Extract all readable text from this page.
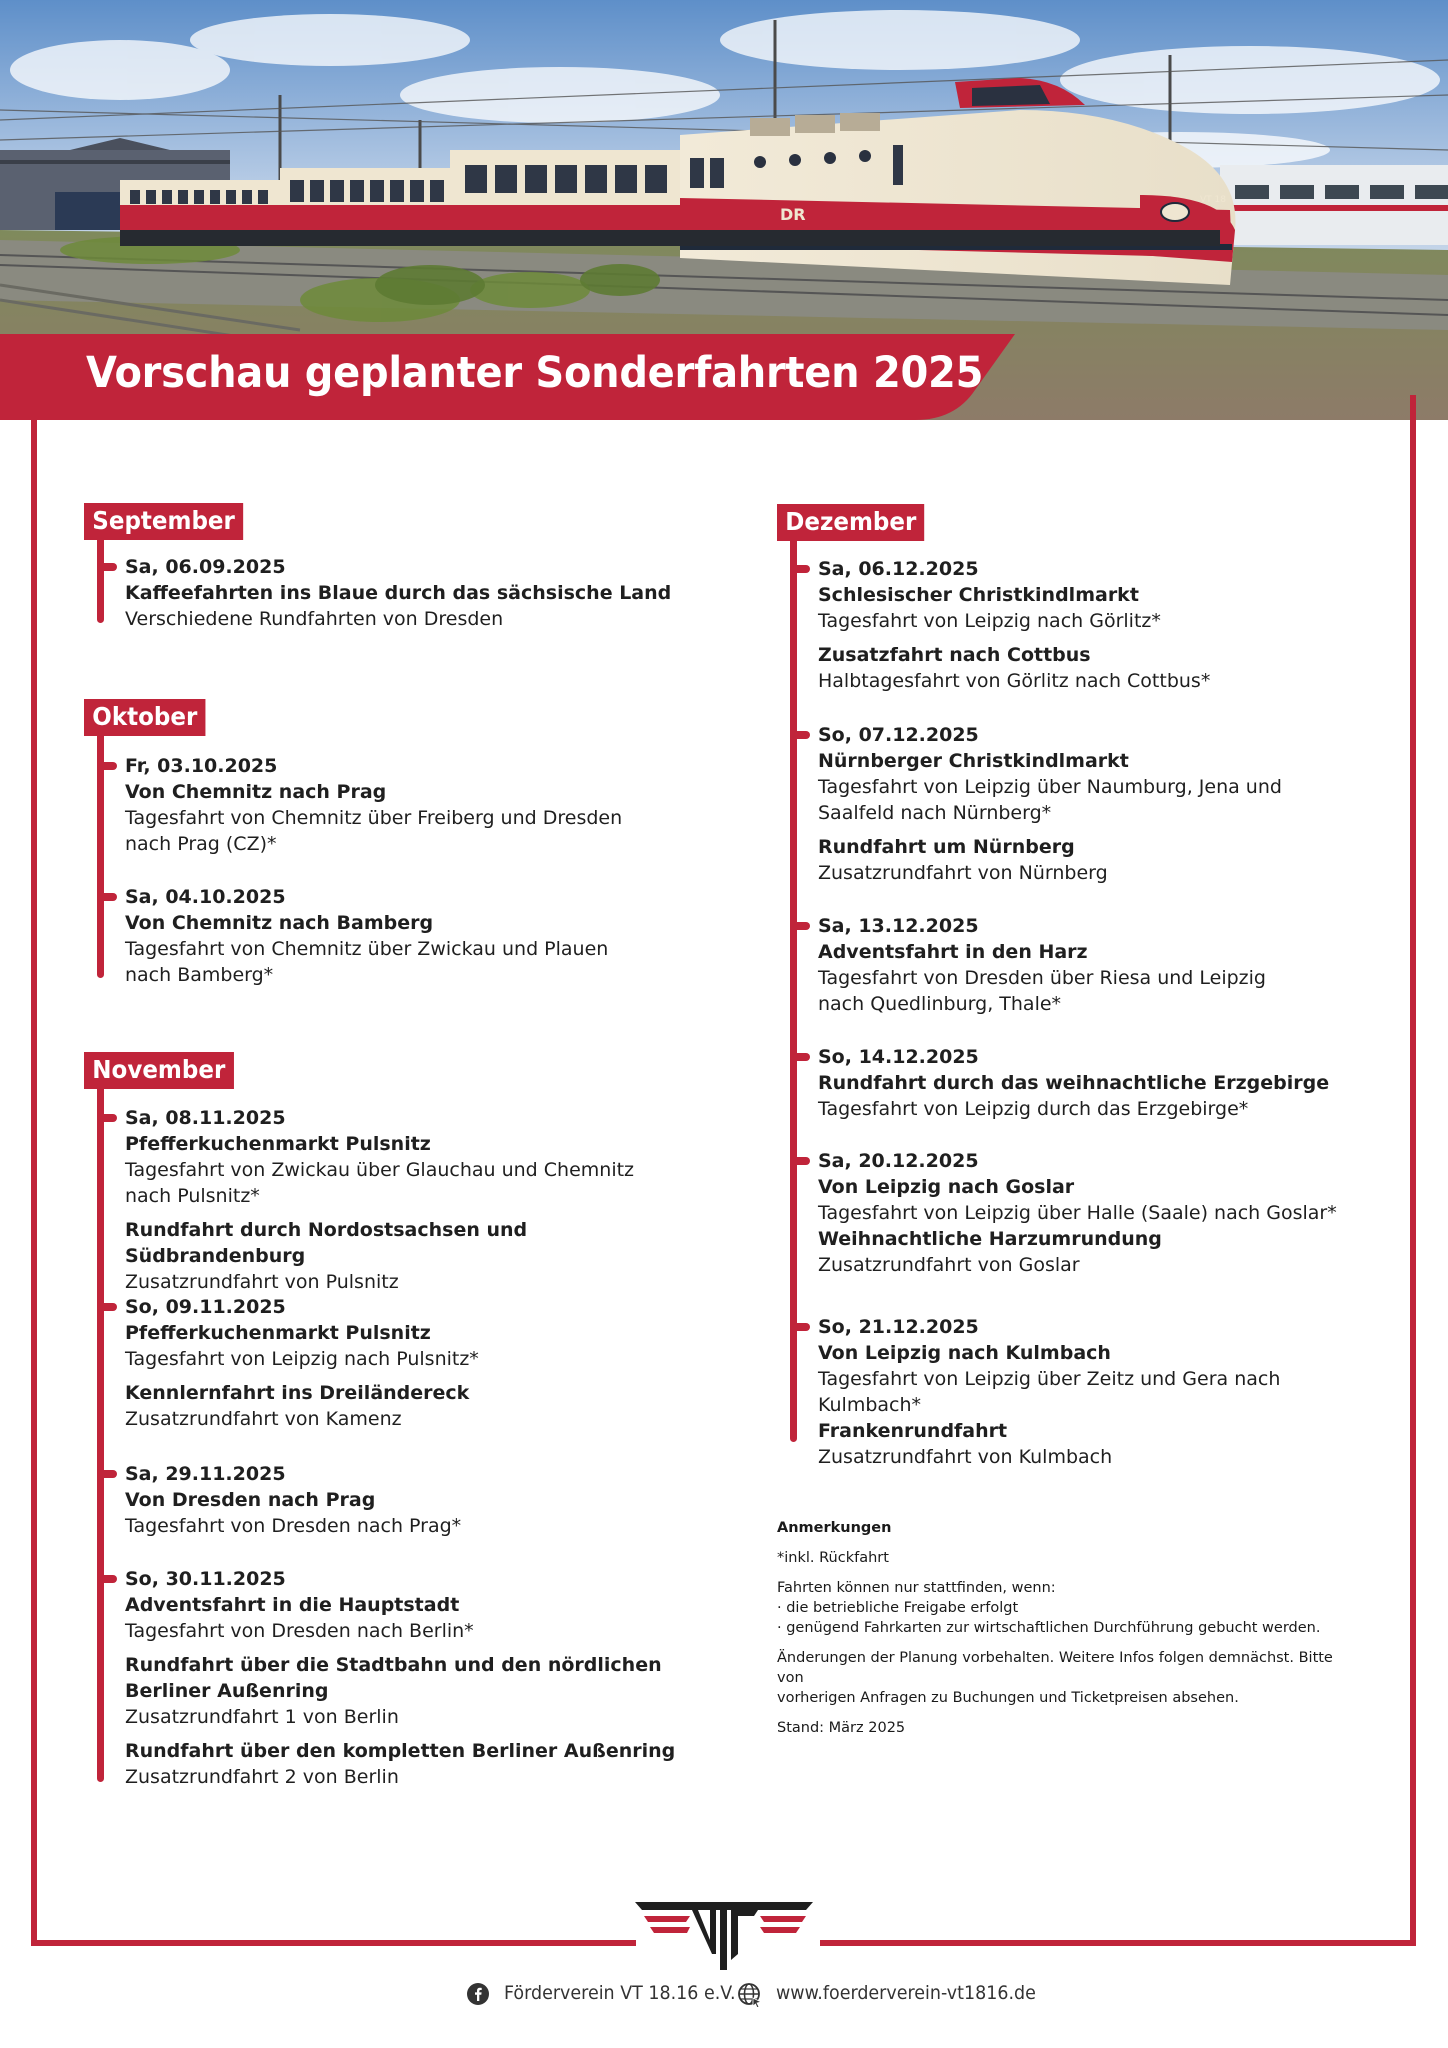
DR
VT 18
Vorschau geplanter Sonderfahrten 2025
September
Sa, 06.09.2025
Kaffeefahrten ins Blaue durch das sächsische Land
Verschiedene Rundfahrten von Dresden
Oktober
Fr, 03.10.2025
Von Chemnitz nach Prag
Tagesfahrt von Chemnitz über Freiberg und Dresden
nach Prag (CZ)*
Sa, 04.10.2025
Von Chemnitz nach Bamberg
Tagesfahrt von Chemnitz über Zwickau und Plauen
nach Bamberg*
November
Sa, 08.11.2025
Pfefferkuchenmarkt Pulsnitz
Tagesfahrt von Zwickau über Glauchau und Chemnitz
nach Pulsnitz*
Rundfahrt durch Nordostsachsen und Südbrandenburg
Zusatzrundfahrt von Pulsnitz
So, 09.11.2025
Pfefferkuchenmarkt Pulsnitz
Tagesfahrt von Leipzig nach Pulsnitz*
Kennlernfahrt ins Dreiländereck
Zusatzrundfahrt von Kamenz
Sa, 29.11.2025
Von Dresden nach Prag
Tagesfahrt von Dresden nach Prag*
So, 30.11.2025
Adventsfahrt in die Hauptstadt
Tagesfahrt von Dresden nach Berlin*
Rundfahrt über die Stadtbahn und den nördlichen
Berliner Außenring
Zusatzrundfahrt 1 von Berlin
Rundfahrt über den kompletten Berliner Außenring
Zusatzrundfahrt 2 von Berlin
Dezember
Sa, 06.12.2025
Schlesischer Christkindlmarkt
Tagesfahrt von Leipzig nach Görlitz*
Zusatzfahrt nach Cottbus
Halbtagesfahrt von Görlitz nach Cottbus*
So, 07.12.2025
Nürnberger Christkindlmarkt
Tagesfahrt von Leipzig über Naumburg, Jena und
Saalfeld nach Nürnberg*
Rundfahrt um Nürnberg
Zusatzrundfahrt von Nürnberg
Sa, 13.12.2025
Adventsfahrt in den Harz
Tagesfahrt von Dresden über Riesa und Leipzig
nach Quedlinburg, Thale*
So, 14.12.2025
Rundfahrt durch das weihnachtliche Erzgebirge
Tagesfahrt von Leipzig durch das Erzgebirge*
Sa, 20.12.2025
Von Leipzig nach Goslar
Tagesfahrt von Leipzig über Halle (Saale) nach Goslar*
Weihnachtliche Harzumrundung
Zusatzrundfahrt von Goslar
So, 21.12.2025
Von Leipzig nach Kulmbach
Tagesfahrt von Leipzig über Zeitz und Gera nach Kulmbach*
Frankenrundfahrt
Zusatzrundfahrt von Kulmbach
Anmerkungen

*inkl. Rückfahrt

Fahrten können nur stattfinden, wenn:
· die betriebliche Freigabe erfolgt

· genügend Fahrkarten zur wirtschaftlichen Durchführung gebucht werden.

Änderungen der Planung vorbehalten. Weitere Infos folgen demnächst. Bitte von

vorherigen Anfragen zu Buchungen und Ticketpreisen absehen.

Stand: März 2025
Förderverein VT 18.16 e.V. www.foerderverein-vt1816.de
